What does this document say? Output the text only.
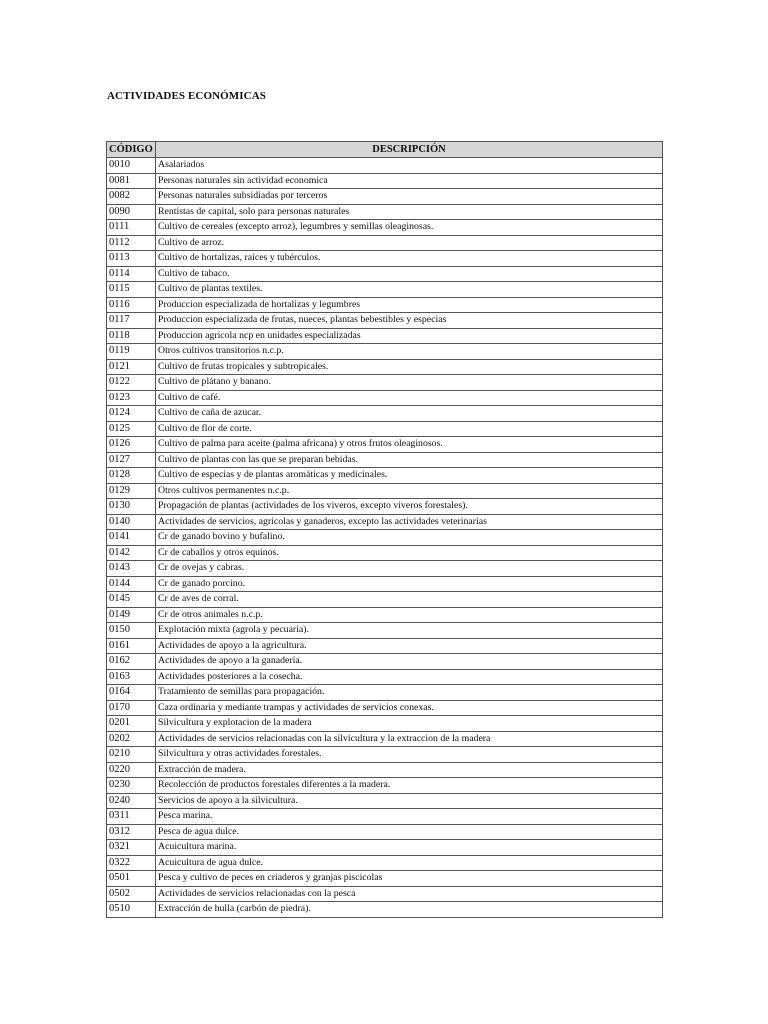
ACTIVIDADES ECONÓMICAS
CÓDIGO	DESCRIPCIÓN
0010	Asalariados
0081	Personas naturales sin actividad economica
0082	Personas naturales subsidiadas por terceros
0090	Rentistas de capital, solo para personas naturales
0111	Cultivo de cereales (excepto arroz), legumbres y semillas oleaginosas.
0112	Cultivo de arroz.
0113	Cultivo de hortalizas, raíces y tubérculos.
0114	Cultivo de tabaco.
0115	Cultivo de plantas textiles.
0116	Produccion especializada de hortalizas y legumbres
0117	Produccion especializada de frutas, nueces, plantas bebestibles y especias
0118	Produccion agricola ncp en unidades especializadas
0119	Otros cultivos transitorios n.c.p.
0121	Cultivo de frutas tropicales y subtropicales.
0122	Cultivo de plátano y banano.
0123	Cultivo de café.
0124	Cultivo de caña de azucar.
0125	Cultivo de flor de corte.
0126	Cultivo de palma para aceite (palma africana) y otros frutos oleaginosos.
0127	Cultivo de plantas con las que se preparan bebidas.
0128	Cultivo de especias y de plantas aromáticas y medicinales.
0129	Otros cultivos permanentes n.c.p.
0130	Propagación de plantas (actividades de los viveros, excepto viveros forestales).
0140	Actividades de servicios, agricolas y ganaderos, excepto las actividades veterinarias
0141	Cr de ganado bovino y bufalino.
0142	Cr de caballos y otros equinos.
0143	Cr de ovejas y cabras.
0144	Cr de ganado porcino.
0145	Cr de aves de corral.
0149	Cr de otros animales n.c.p.
0150	Explotación mixta (agrola y pecuaria).
0161	Actividades de apoyo a la agricultura.
0162	Actividades de apoyo a la ganadería.
0163	Actividades posteriores a la cosecha.
0164	Tratamiento de semillas para propagación.
0170	Caza ordinaria y mediante trampas y actividades de servicios conexas.
0201	Silvicultura y explotacion de la madera
0202	Actividades de servicios relacionadas con la silvicultura y la extraccion de la madera
0210	Silvicultura y otras actividades forestales.
0220	Extracción de madera.
0230	Recolección de productos forestales diferentes a la madera.
0240	Servicios de apoyo a la silvicultura.
0311	Pesca marina.
0312	Pesca de agua dulce.
0321	Acuicultura marina.
0322	Acuicultura de agua dulce.
0501	Pesca y cultivo de peces en criaderos y granjas piscicolas
0502	Actividades de servicios relacionadas con la pesca
0510	Extracción de hulla (carbón de piedra).
